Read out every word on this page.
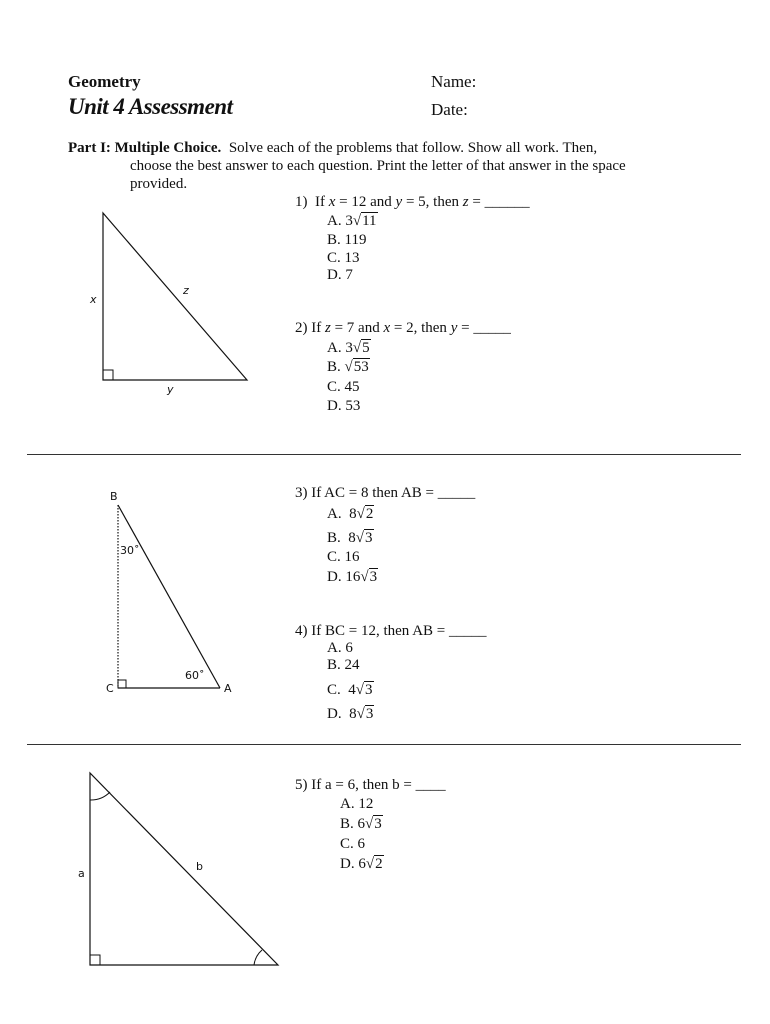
Geometry
Unit 4 Assessment
Name:
Date:
Part I: Multiple Choice. Solve each of the problems that follow. Show all work. Then,
choose the best answer to each question. Print the letter of that answer in the space
provided.
x
z
y
B
30˚
60˚
C	A
a
b
1) If x = 12 and y = 5, then z = ______
A. 3√11
B. 119
C. 13
D. 7
2) If z = 7 and x = 2, then y = _____
A. 3√5
B. √53
C. 45
D. 53
3) If AC = 8 then AB = _____
A. 8√2
B. 8√3
C. 16
D. 16√3
4) If BC = 12, then AB = _____
A. 6
B. 24
C. 4√3
D. 8√3
5) If a = 6, then b = ____
A. 12
B. 6√3
C. 6
D. 6√2
